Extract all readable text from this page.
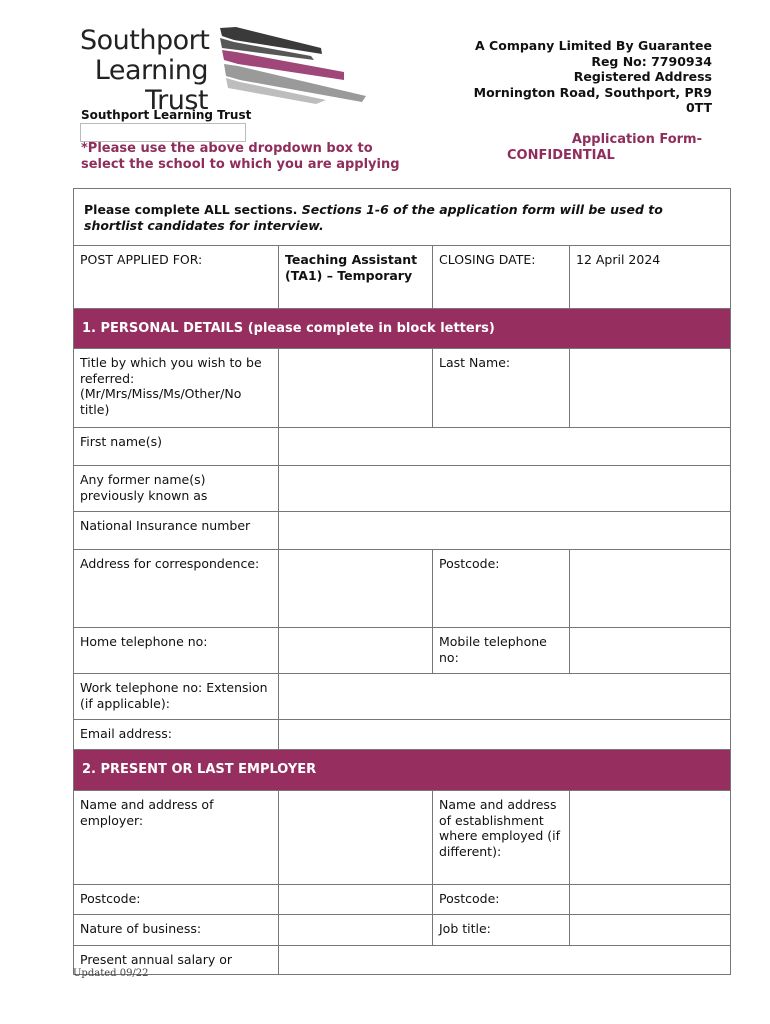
Southport
Learning
Trust
Southport Learning Trust
*Please use the above dropdown box to select the school to which you are applying
A Company Limited By Guarantee
Reg No: 7790934
Registered Address
Mornington Road, Southport, PR9
0TT
Application Form-
CONFIDENTIAL
Please complete ALL sections. Sections 1-6 of the application form will be used to shortlist candidates for interview.			
POST APPLIED FOR:	Teaching Assistant (TA1) – Temporary	CLOSING DATE:	12 April 2024
1. PERSONAL DETAILS (please complete in block letters)			
Title by which you wish to be referred: (Mr/Mrs/Miss/Ms/Other/No title)		Last Name:	
First name(s)			
Any former name(s) previously known as			
National Insurance number			
Address for correspondence:		Postcode:	
Home telephone no:		Mobile telephone no:	
Work telephone no: Extension (if applicable):			
Email address:			
2. PRESENT OR LAST EMPLOYER			
Name and address of employer:		Name and address of establishment where employed (if different):	
Postcode:		Postcode:	
Nature of business:		Job title:	
Present annual salary or			
Updated 09/22
